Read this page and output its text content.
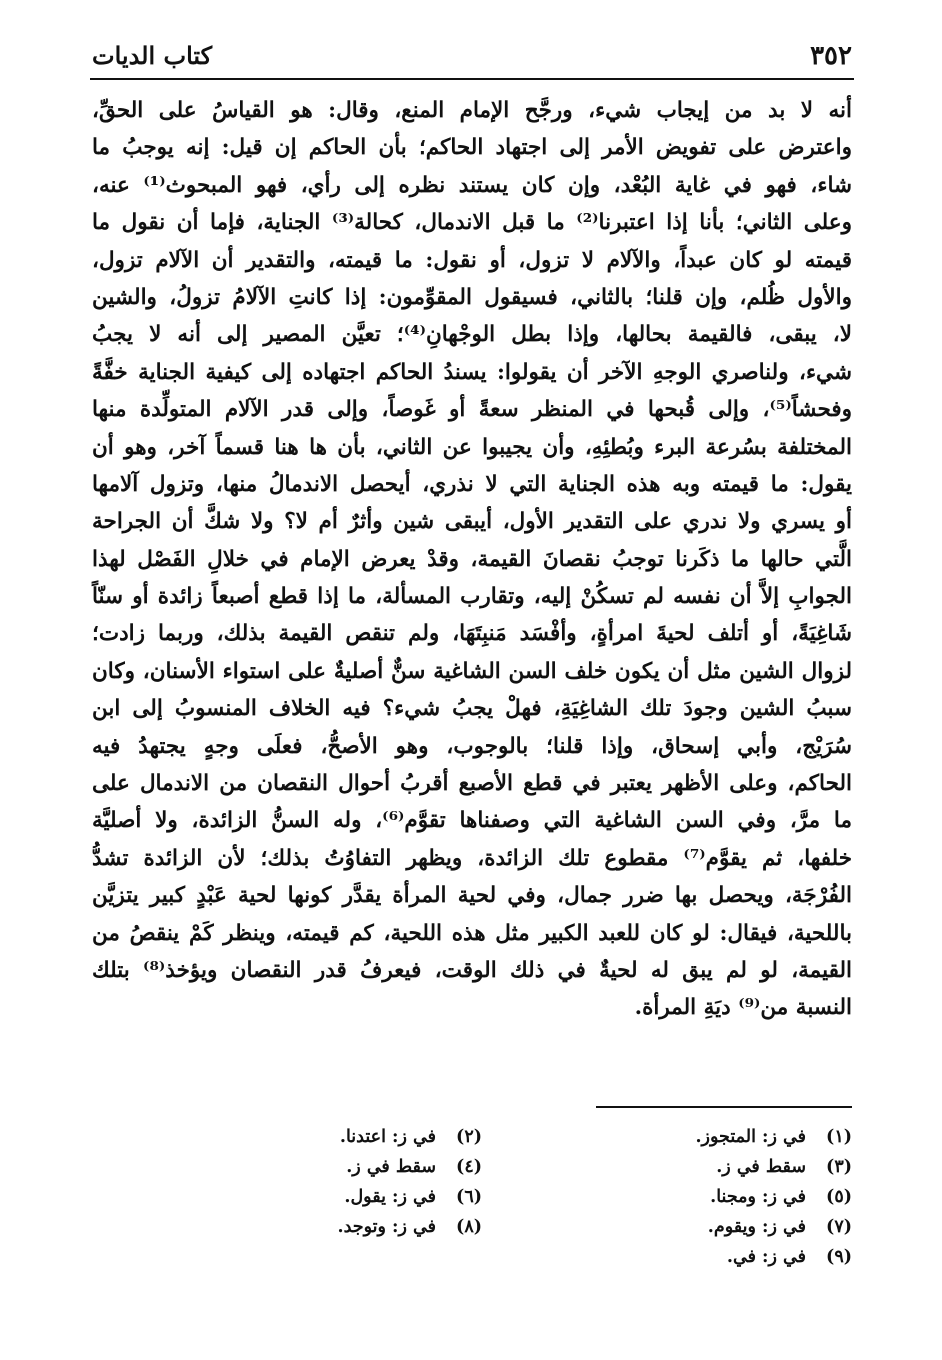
٣٥٢
كتاب الديات
أنه لا بد من إيجاب شيء، ورجَّح الإمام المنع، وقال: هو القياسُ على الحقِّ،
واعترض على تفويض الأمر إلى اجتهاد الحاكم؛ بأن الحاكم إن قيل: إنه يوجبُ ما
شاء، فهو في غاية البُعْد، وإن كان يستند نظره إلى رأي، فهو المبحوث⁽¹⁾ عنه،
وعلى الثاني؛ بأنا إذا اعتبرنا⁽²⁾ ما قبل الاندمال، كحالة⁽³⁾ الجناية، فإما أن نقول ما
قيمته لو كان عبداً، والآلام لا تزول، أو نقول: ما قيمته، والتقدير أن الآلام تزول،
والأول ظُلم، وإن قلنا؛ بالثاني، فسيقول المقوِّمون: إذا كانتِ الآلامُ تزولُ، والشين
لا، يبقى، فالقيمة بحالها، وإذا بطل الوجْهانِ⁽⁴⁾؛ تعيَّن المصير إلى أنه لا يجبُ
شيء، ولناصري الوجهِ الآخر أن يقولوا: يسندُ الحاكم اجتهاده إلى كيفية الجناية خفَّةً
وفحشاً⁽⁵⁾، وإلى قُبحها في المنظر سعةً أو غَوصاً، وإلى قدر الآلام المتولِّدة منها
المختلفة بسُرعة البرء وبُطئِهِ، وأن يجيبوا عن الثاني، بأن ها هنا قسماً آخر، وهو أن
يقول: ما قيمته وبه هذه الجناية التي لا نذري، أيحصل الاندمالُ منها، وتزول آلامها
أو يسري ولا ندري على التقدير الأول، أيبقى شين وأثرٌ أم لا؟ ولا شكَّ أن الجراحة
الَّتي حالها ما ذكَرنا توجبُ نقصانَ القيمة، وقدْ يعرض الإمام في خلالِ الفَصْل لهذا
الجوابِ إلاَّ أن نفسه لم تسكُنْ إليه، وتقارب المسألة، ما إذا قطع أصبعاً زائدة أو سنّاً
شَاغِيَةً، أو أتلف لحيةَ امرأةٍ، وأفْسَد مَنبِتَهَا، ولم تنقص القيمة بذلك، وربما زادت؛
لزوال الشين مثل أن يكون خلف السن الشاغية سنٌّ أصليةٌ على استواء الأسنان، وكان
سببُ الشين وجودَ تلك الشاغِيَةِ، فهلْ يجبُ شيء؟ فيه الخلاف المنسوبُ إلى ابن
سُرَيْج، وأبي إسحاق، وإذا قلنا؛ بالوجوب، وهو الأصحُّ، فعلَى وجهٍ يجتهدُ فيه
الحاكم، وعلى الأظهر يعتبر في قطع الأصبع أقربُ أحوال النقصان من الاندمال على
ما مرَّ، وفي السن الشاغية التي وصفناها تقوَّم⁽⁶⁾، وله السنُّ الزائدة، ولا أصليَّة
خلفها، ثم يقوَّم⁽⁷⁾ مقطوع تلك الزائدة، ويظهر التفاوُتُ بذلك؛ لأن الزائدة تشدُّ
الفُرْجَة، ويحصل بها ضرر جمال، وفي لحية المرأة يقدَّر كونها لحية عَبْدٍ كبير يتزيَّن
باللحية، فيقال: لو كان للعبد الكبير مثل هذه اللحية، كم قيمته، وينظر كَمْ ينقصُ من
القيمة، لو لم يبق له لحيةٌ في ذلك الوقت، فيعرفُ قدر النقصان ويؤخذ⁽⁸⁾ بتلك
النسبة من⁽⁹⁾ ديَةِ المرأة.
(١)
في ز: المتجوز.
(٢)
في ز: اعتدنا.
(٣)
سقط في ز.
(٤)
سقط في ز.
(٥)
في ز: ومجنا.
(٦)
في ز: يقول.
(٧)
في ز: ويقوم.
(٨)
في ز: وتوجد.
(٩)
في ز: في.
